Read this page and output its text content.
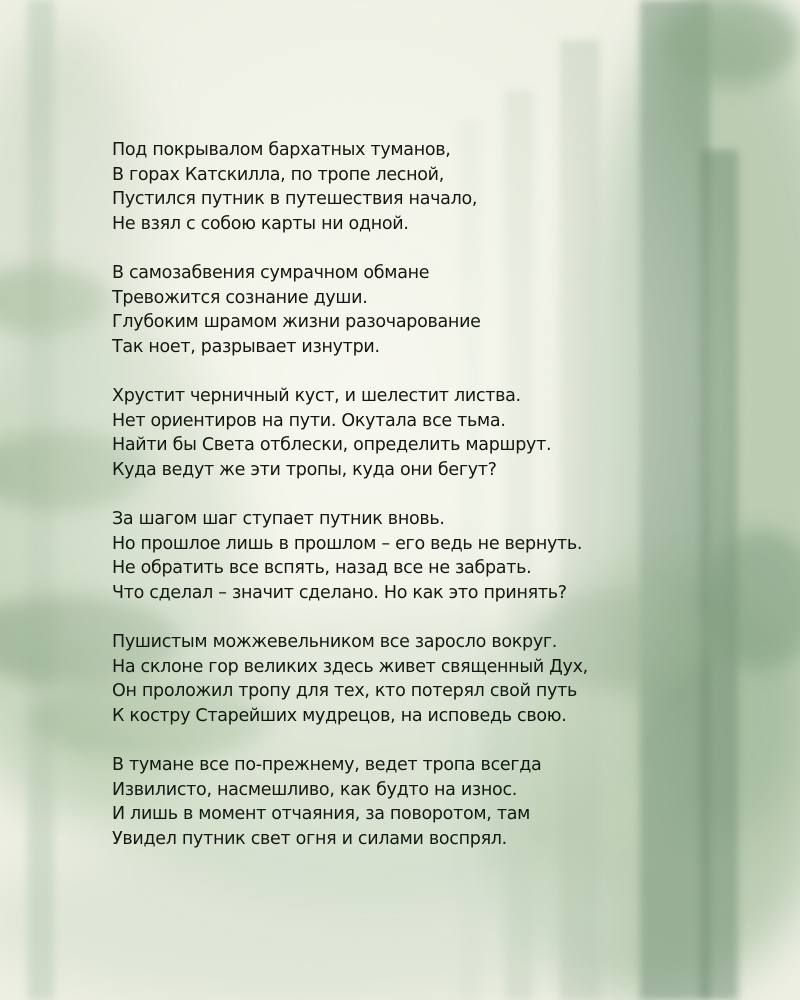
Под покрывалом бархатных туманов,
В горах Катскилла, по тропе лесной,
Пустился путник в путешествия начало,
Не взял с собою карты ни одной.
В самозабвения сумрачном обмане
Тревожится сознание души.
Глубоким шрамом жизни разочарование
Так ноет, разрывает изнутри.
Хрустит черничный куст, и шелестит листва.
Нет ориентиров на пути. Окутала все тьма.
Найти бы Света отблески, определить маршрут.
Куда ведут же эти тропы, куда они бегут?
За шагом шаг ступает путник вновь.
Но прошлое лишь в прошлом – его ведь не вернуть.
Не обратить все вспять, назад все не забрать.
Что сделал – значит сделано. Но как это принять?
Пушистым можжевельником все заросло вокруг.
На склоне гор великих здесь живет священный Дух,
Он проложил тропу для тех, кто потерял свой путь
К костру Старейших мудрецов, на исповедь свою.
В тумане все по-прежнему, ведет тропа всегда
Извилисто, насмешливо, как будто на износ.
И лишь в момент отчаяния, за поворотом, там
Увидел путник свет огня и силами воспрял.
